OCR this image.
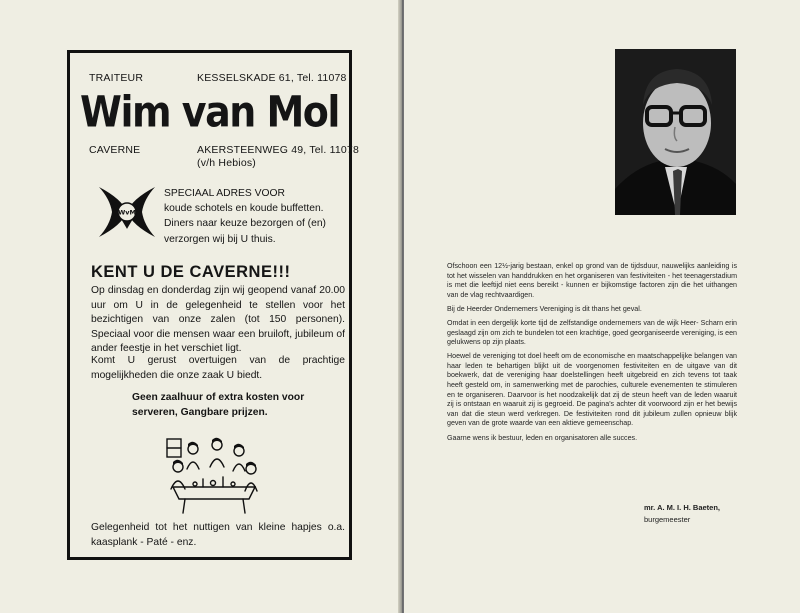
TRAITEUR	KESSELSKADE 61, Tel. 11078
Wim van Mol
CAVERNE	AKERSTEENWEG 49, Tel. 11078
(v/h Hebios)
WvM
SPECIAAL ADRES VOOR
koude schotels en koude buffetten.
Diners naar keuze bezorgen of (en)
verzorgen wij bij U thuis.
KENT U DE CAVERNE!!!
Op dinsdag en donderdag zijn wij geopend vanaf 20.00 uur om U in de gelegenheid te stellen voor het bezichtigen van onze zalen (tot 150 personen). Speciaal voor die mensen waar een bruiloft, jubileum of ander feestje in het verschiet ligt.
Komt U gerust overtuigen van de prachtige mogelijkheden die onze zaak U biedt.
Geen zaalhuur of extra kosten voor serveren, Gangbare prijzen.
Gelegenheid tot het nuttigen van kleine hapjes o.a. kaasplank - Paté - enz.

Ofschoon een 12½-jarig bestaan, enkel op grond van de tijdsduur, nauwelijks aanleiding is tot het wisselen van handdrukken en het organiseren van festiviteiten - het teenagerstadium is met die leeftijd niet eens bereikt - kunnen er bijkomstige factoren zijn die het uithangen van de vlag rechtvaardigen.

Bij de Heerder Ondernemers Vereniging is dit thans het geval.

Omdat in een dergelijk korte tijd de zelfstandige ondernemers van de wijk Heer- Scharn erin geslaagd zijn om zich te bundelen tot een krachtige, goed georganiseerde vereniging, is een gelukwens op zijn plaats.

Hoewel de vereniging tot doel heeft om de economische en maatschappelijke belangen van haar leden te behartigen blijkt uit de voorgenomen festiviteiten en de uitgave van dit boekwerk, dat de vereniging haar doelstellingen heeft uitgebreid en zich tevens tot taak heeft gesteld om, in samenwerking met de parochies, culturele evenementen te stimuleren en te organiseren. Daarvoor is het noodzakelijk dat zij de steun heeft van de leden waaruit zij is ontstaan en waaruit zij is gegroeid. De pagina's achter dit voorwoord zijn er het bewijs van dat die steun werd verkregen. De festiviteiten rond dit jubileum zullen opnieuw blijk geven van de grote waarde van een aktieve gemeenschap.

Gaarne wens ik bestuur, leden en organisatoren alle succes.

mr. A. M. I. H. Baeten,
burgemeester
